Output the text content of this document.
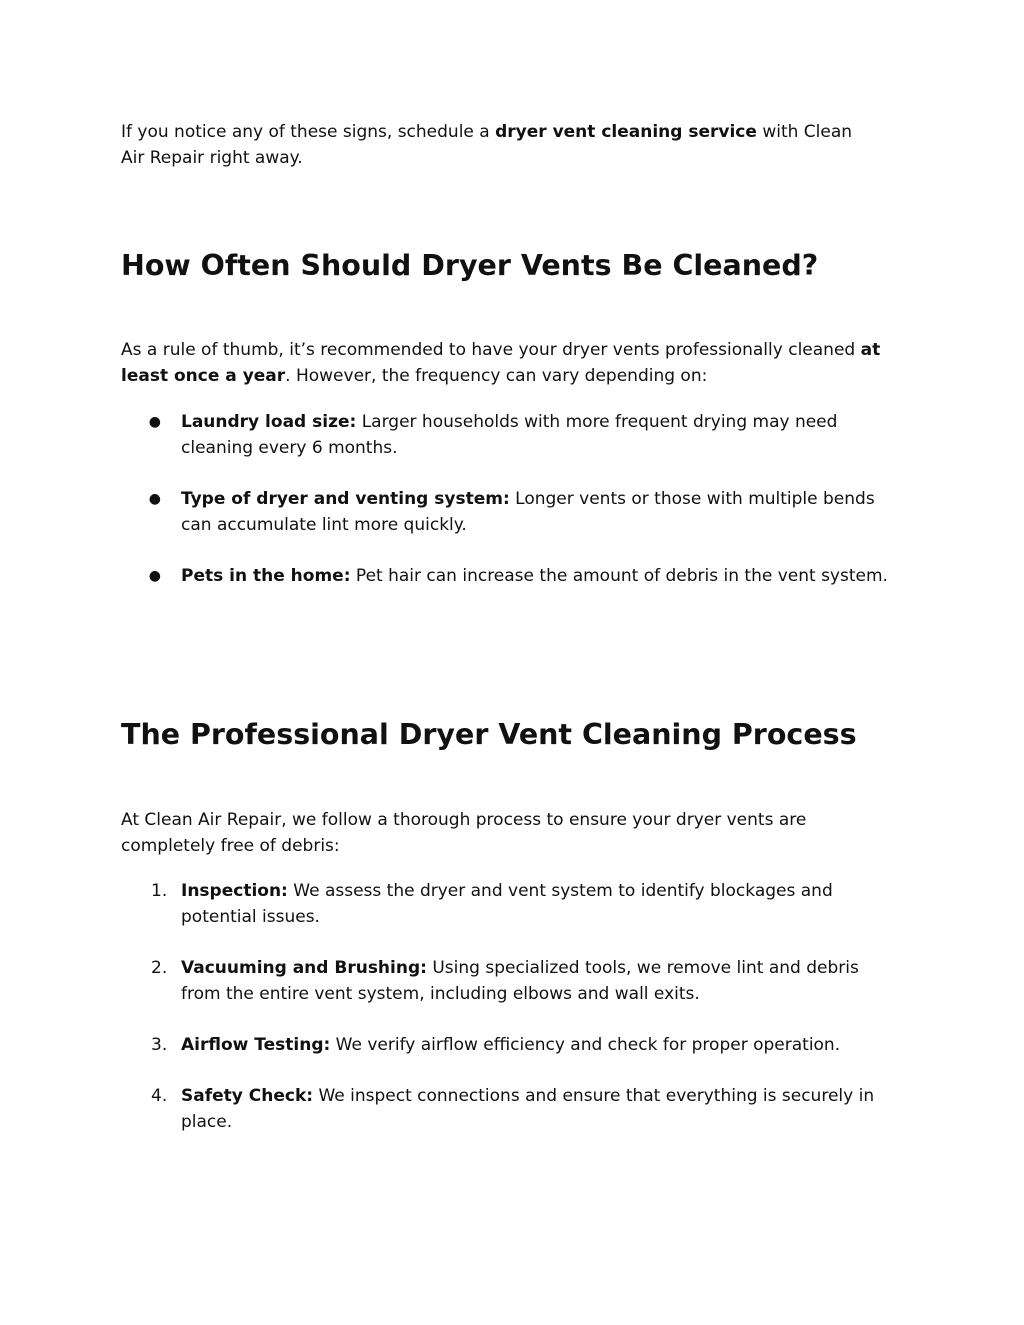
If you notice any of these signs, schedule a dryer vent cleaning service with Clean Air Repair right away.

How Often Should Dryer Vents Be Cleaned?

As a rule of thumb, it’s recommended to have your dryer vents professionally cleaned at least once a year. However, the frequency can vary depending on:

● Laundry load size: Larger households with more frequent drying may need cleaning every 6 months.
● Type of dryer and venting system: Longer vents or those with multiple bends can accumulate lint more quickly.
● Pets in the home: Pet hair can increase the amount of debris in the vent system.
The Professional Dryer Vent Cleaning Process

At Clean Air Repair, we follow a thorough process to ensure your dryer vents are completely free of debris:

1. Inspection: We assess the dryer and vent system to identify blockages and potential issues.
2. Vacuuming and Brushing: Using specialized tools, we remove lint and debris from the entire vent system, including elbows and wall exits.
3. Airflow Testing: We verify airflow efficiency and check for proper operation.
4. Safety Check: We inspect connections and ensure that everything is securely in place.
